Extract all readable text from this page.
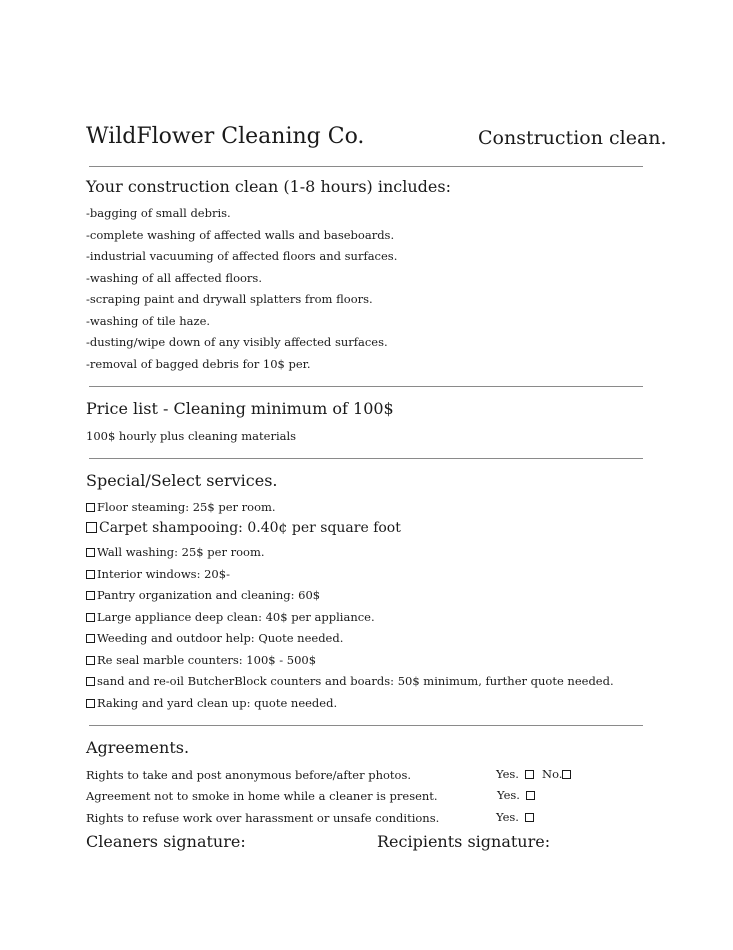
WildFlower Cleaning Co.	Construction clean.
Your construction clean (1-8 hours) includes:
-bagging of small debris.
-complete washing of affected walls and baseboards.
-industrial vacuuming of affected floors and surfaces.
-washing of all affected floors.
-scraping paint and drywall splatters from floors.
-washing of tile haze.
-dusting/wipe down of any visibly affected surfaces.
-removal of bagged debris for 10$ per.
Price list - Cleaning minimum of 100$
100$ hourly plus cleaning materials
Special/Select services.
Floor steaming: 25$ per room.
Carpet shampooing: 0.40¢ per square foot
Wall washing: 25$ per room.
Interior windows: 20$-
Pantry organization and cleaning: 60$
Large appliance deep clean: 40$ per appliance.
Weeding and outdoor help: Quote needed.
Re seal marble counters: 100$ - 500$
sand and re-oil ButcherBlock counters and boards: 50$ minimum, further quote needed.
Raking and yard clean up: quote needed.
Agreements.
Rights to take and post anonymous before/after photos.	Yes.	No.
Agreement not to smoke in home while a cleaner is present.	Yes.
Rights to refuse work over harassment or unsafe conditions.	Yes.
Cleaners signature:	Recipients signature:
